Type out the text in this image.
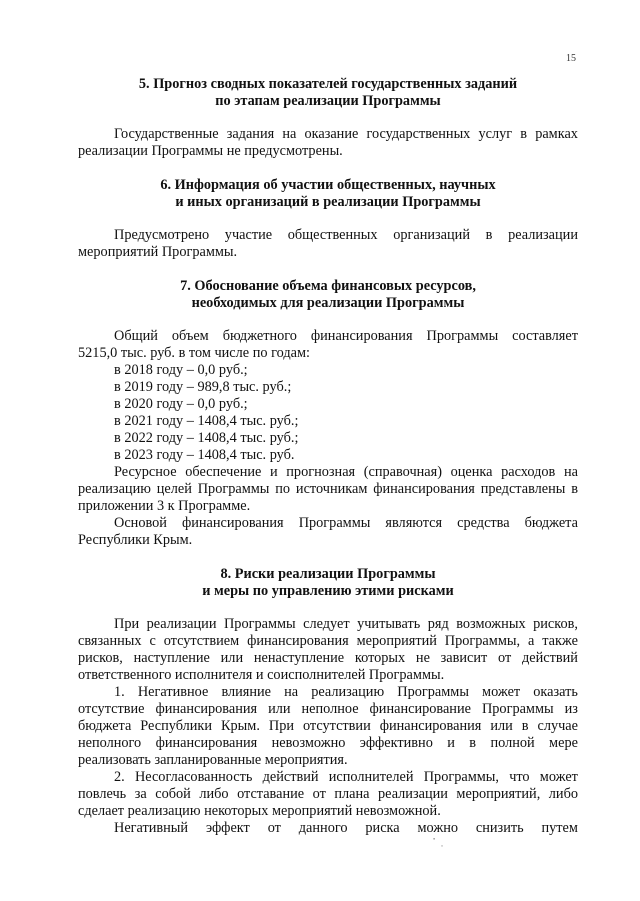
15
5. Прогноз сводных показателей государственных заданий
по этапам реализации Программы
Государственные задания на оказание государственных услуг в рамках
реализации Программы не предусмотрены.
6. Информация об участии общественных, научных
и иных организаций в реализации Программы
Предусмотрено участие общественных организаций в реализации
мероприятий Программы.
7. Обоснование объема финансовых ресурсов,
необходимых для реализации Программы
Общий объем бюджетного финансирования Программы составляет
5215,0 тыс. руб. в том числе по годам:
в 2018 году – 0,0 руб.;
в 2019 году – 989,8 тыс. руб.;
в 2020 году – 0,0 руб.;
в 2021 году – 1408,4 тыс. руб.;
в 2022 году – 1408,4 тыс. руб.;
в 2023 году – 1408,4 тыс. руб.
Ресурсное обеспечение и прогнозная (справочная) оценка расходов на
реализацию целей Программы по источникам финансирования представлены в
приложении 3 к Программе.
Основой финансирования Программы являются средства бюджета
Республики Крым.
8. Риски реализации Программы
и меры по управлению этими рисками
При реализации Программы следует учитывать ряд возможных рисков,
связанных с отсутствием финансирования мероприятий Программы, а также
рисков, наступление или ненаступление которых не зависит от действий
ответственного исполнителя и соисполнителей Программы.
1. Негативное влияние на реализацию Программы может оказать
отсутствие финансирования или неполное финансирование Программы из
бюджета Республики Крым. При отсутствии финансирования или в случае
неполного финансирования невозможно эффективно и в полной мере
реализовать запланированные мероприятия.
2. Несогласованность действий исполнителей Программы, что может
повлечь за собой либо отставание от плана реализации мероприятий, либо
сделает реализацию некоторых мероприятий невозможной.
Негативный эффект от данного риска можно снизить путем
⋅
˙
